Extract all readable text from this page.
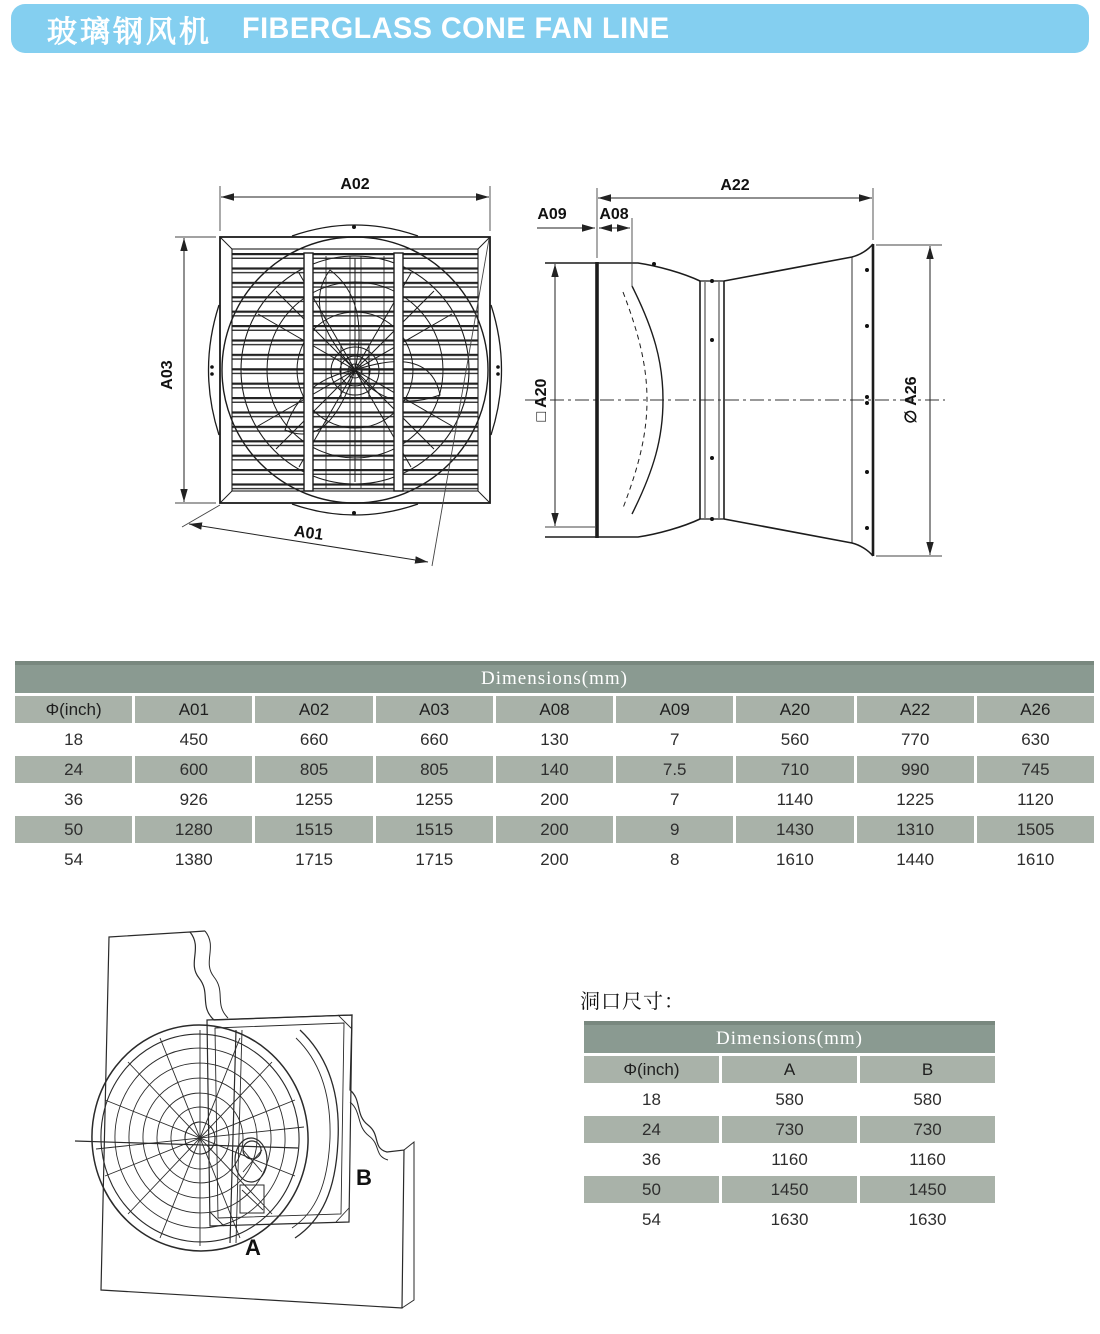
玻璃钢风机 FIBERGLASS CONE FAN LINE
A02
A03
A01
A22
A09 A08
□ A20	∅ A26
Dimensions(mm)								
Φ(inch)	A01	A02	A03	A08	A09	A20	A22	A26
18	450	660	660	130	7	560	770	630
24	600	805	805	140	7.5	710	990	745
36	926	1255	1255	200	7	1140	1225	1120
50	1280	1515	1515	200	9	1430	1310	1505
54	1380	1715	1715	200	8	1610	1440	1610
A
B
洞口尺寸：
Dimensions(mm)		
Φ(inch)	A	B
18	580	580
24	730	730
36	1160	1160
50	1450	1450
54	1630	1630
